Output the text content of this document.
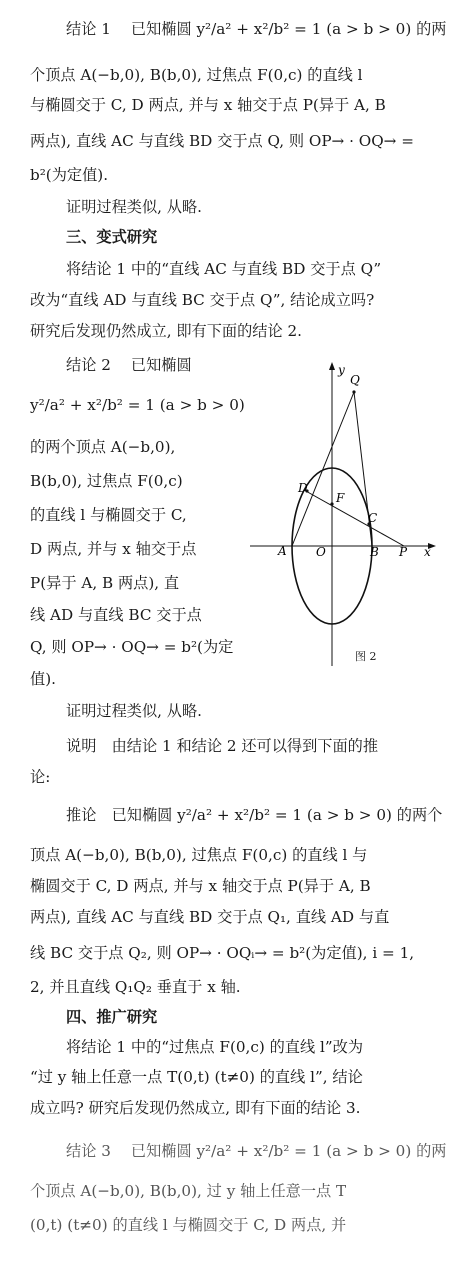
结论 1　 已知椭圆 y²/a² + x²/b² = 1 (a > b > 0) 的两
个顶点 A(−b,0), B(b,0), 过焦点 F(0,c) 的直线 l
与椭圆交于 C, D 两点, 并与 x 轴交于点 P(异于 A, B
两点), 直线 AC 与直线 BD 交于点 Q, 则 OP→ · OQ→ =
b²(为定值).
证明过程类似, 从略.
三、变式研究
将结论 1 中的“直线 AC 与直线 BD 交于点 Q”
改为“直线 AD 与直线 BC 交于点 Q”, 结论成立吗?
研究后发现仍然成立, 即有下面的结论 2.
结论 2　 已知椭圆
y²/a² + x²/b² = 1 (a > b > 0)
的两个顶点 A(−b,0),
B(b,0), 过焦点 F(0,c)
的直线 l 与椭圆交于 C,
D 两点, 并与 x 轴交于点
P(异于 A, B 两点), 直
线 AD 与直线 BC 交于点
Q, 则 OP→ · OQ→ = b²(为定
值).
证明过程类似, 从略.
说明　由结论 1 和结论 2 还可以得到下面的推
论:
推论　已知椭圆 y²/a² + x²/b² = 1 (a > b > 0) 的两个
顶点 A(−b,0), B(b,0), 过焦点 F(0,c) 的直线 l 与
椭圆交于 C, D 两点, 并与 x 轴交于点 P(异于 A, B
两点), 直线 AC 与直线 BD 交于点 Q₁, 直线 AD 与直
线 BC 交于点 Q₂, 则 OP→ · OQᵢ→ = b²(为定值), i = 1,
2, 并且直线 Q₁Q₂ 垂直于 x 轴.
四、推广研究
将结论 1 中的“过焦点 F(0,c) 的直线 l”改为
“过 y 轴上任意一点 T(0,t) (t≠0) 的直线 l”, 结论
成立吗? 研究后发现仍然成立, 即有下面的结论 3.
结论 3　 已知椭圆 y²/a² + x²/b² = 1 (a > b > 0) 的两
个顶点 A(−b,0), B(b,0), 过 y 轴上任意一点 T
(0,t) (t≠0) 的直线 l 与椭圆交于 C, D 两点, 并
y
Q
D
F
C
A O	B P x
图 2
